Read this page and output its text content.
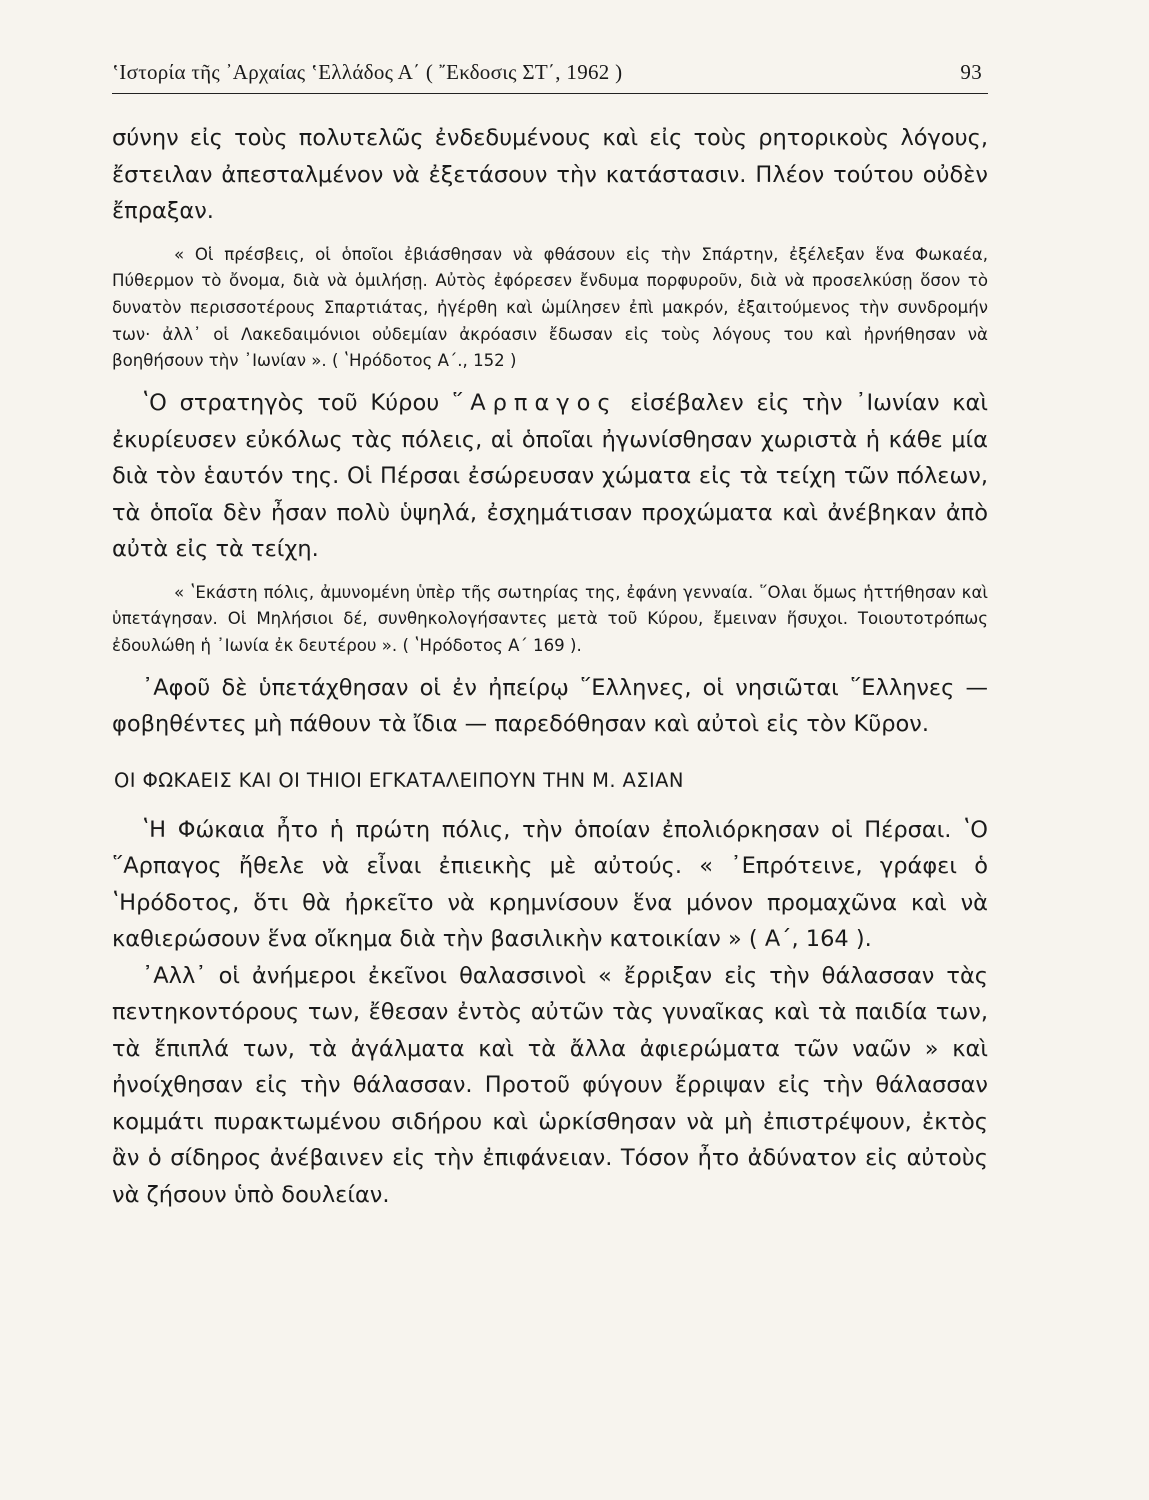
ʽΙστορία τῆς ᾿Αρχαίας ʽΕλλάδος Α΄ ( ῎Εκδοσις ΣΤ΄, 1962 )	93

σύνην εἰς τοὺς πολυτελῶς ἐνδεδυμένους καὶ εἰς τοὺς ρητορικοὺς λόγους, ἔστειλαν ἀπεσταλμένον νὰ ἐξετάσουν τὴν κατάστασιν. Πλέον τούτου οὐδὲν ἔπραξαν.

« Οἱ πρέσβεις, οἱ ὁποῖοι ἐβιάσθησαν νὰ φθάσουν εἰς τὴν Σπάρτην, ἐξέλεξαν ἕνα Φωκαέα, Πύθερμον τὸ ὄνομα, διὰ νὰ ὁμιλήσῃ. Αὐτὸς ἐφόρεσεν ἔνδυμα πορφυροῦν, διὰ νὰ προσελκύσῃ ὅσον τὸ δυνατὸν περισσοτέρους Σπαρτιάτας, ἠγέρθη καὶ ὡμίλησεν ἐπὶ μακρόν, ἐξαιτούμενος τὴν συνδρομήν των· ἀλλ᾿ οἱ Λακεδαιμόνιοι οὐδεμίαν ἀκρόασιν ἔδωσαν εἰς τοὺς λόγους του καὶ ἠρνήθησαν νὰ βοηθήσουν τὴν ᾿Ιωνίαν ». ( ʽΗρόδοτος Α΄., 152 )

ʽΟ στρατηγὸς τοῦ Κύρου ῞Αρπαγος εἰσέβαλεν εἰς τὴν ᾿Ιωνίαν καὶ ἐκυρίευσεν εὐκόλως τὰς πόλεις, αἱ ὁποῖαι ἠγωνίσθησαν χωριστὰ ἡ κάθε μία διὰ τὸν ἑαυτόν της. Οἱ Πέρσαι ἐσώρευσαν χώματα εἰς τὰ τείχη τῶν πόλεων, τὰ ὁποῖα δὲν ἦσαν πολὺ ὑψηλά, ἐσχημάτισαν προχώματα καὶ ἀνέβηκαν ἀπὸ αὐτὰ εἰς τὰ τείχη.

« ʽΕκάστη πόλις, ἀμυνομένη ὑπὲρ τῆς σωτηρίας της, ἐφάνη γενναία. ῞Ολαι ὅμως ἡττήθησαν καὶ ὑπετάγησαν. Οἱ Μηλήσιοι δέ, συνθηκολογήσαντες μετὰ τοῦ Κύρου, ἔμειναν ἥσυχοι. Τοιουτοτρόπως ἐδουλώθη ἡ ᾿Ιωνία ἐκ δευτέρου ». ( ʽΗρόδοτος Α΄ 169 ).

᾿Αφοῦ δὲ ὑπετάχθησαν οἱ ἐν ἠπείρῳ ῞Ελληνες, οἱ νησιῶται ῞Ελληνες — φοβηθέντες μὴ πάθουν τὰ ἴδια — παρεδόθησαν καὶ αὐτοὶ εἰς τὸν Κῦρον.

ΟΙ ΦΩΚΑΕΙΣ ΚΑΙ ΟΙ ΤΗΙΟΙ ΕΓΚΑΤΑΛΕΙΠΟΥΝ ΤΗΝ Μ. ΑΣΙΑΝ

ʽΗ Φώκαια ἦτο ἡ πρώτη πόλις, τὴν ὁποίαν ἐπολιόρκησαν οἱ Πέρσαι. ʽΟ ῞Αρπαγος ἤθελε νὰ εἶναι ἐπιεικὴς μὲ αὐτούς. « ᾿Επρότεινε, γράφει ὁ ʽΗρόδοτος, ὅτι θὰ ἠρκεῖτο νὰ κρημνίσουν ἕνα μόνον προμαχῶνα καὶ νὰ καθιερώσουν ἕνα οἴκημα διὰ τὴν βασιλικὴν κατοικίαν » ( Α΄, 164 ).

᾿Αλλ᾿ οἱ ἀνήμεροι ἐκεῖνοι θαλασσινοὶ « ἔρριξαν εἰς τὴν θάλασσαν τὰς πεντηκοντόρους των, ἔθεσαν ἐντὸς αὐτῶν τὰς γυναῖκας καὶ τὰ παιδία των, τὰ ἔπιπλά των, τὰ ἀγάλματα καὶ τὰ ἄλλα ἀφιερώματα τῶν ναῶν » καὶ ἠνοίχθησαν εἰς τὴν θάλασσαν. Προτοῦ φύγουν ἔρριψαν εἰς τὴν θάλασσαν κομμάτι πυρακτωμένου σιδήρου καὶ ὡρκίσθησαν νὰ μὴ ἐπιστρέψουν, ἐκτὸς ἂν ὁ σίδηρος ἀνέβαινεν εἰς τὴν ἐπιφάνειαν. Τόσον ἦτο ἀδύνατον εἰς αὐτοὺς νὰ ζήσουν ὑπὸ δουλείαν.
